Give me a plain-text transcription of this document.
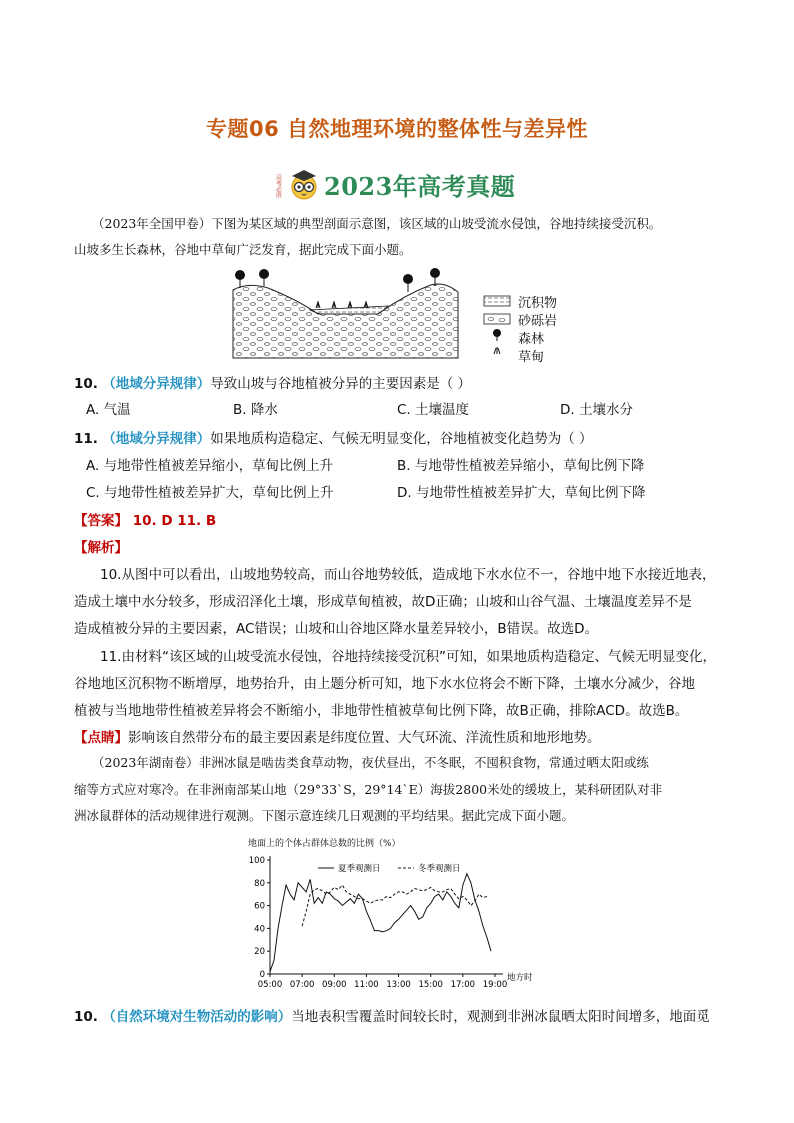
专题06 自然地理环境的整体性与差异性
高考必胜 2023年高考真题
（2023年全国甲卷）下图为某区域的典型剖面示意图，该区域的山坡受流水侵蚀，谷地持续接受沉积。
山坡多生长森林，谷地中草甸广泛发育，据此完成下面小题。
沉积物
砂砾岩
森林
草甸
10. （地域分异规律）导致山坡与谷地植被分异的主要因素是（ ）
A. 气温	B. 降水	C. 土壤温度	D. 土壤水分
11. （地域分异规律）如果地质构造稳定、气候无明显变化，谷地植被变化趋势为（ ）
A. 与地带性植被差异缩小，草甸比例上升	B. 与地带性植被差异缩小，草甸比例下降
C. 与地带性植被差异扩大，草甸比例上升	D. 与地带性植被差异扩大，草甸比例下降
【答案】 10. D 11. B
【解析】
10.从图中可以看出，山坡地势较高，而山谷地势较低，造成地下水水位不一，谷地中地下水接近地表，
造成土壤中水分较多，形成沼泽化土壤，形成草甸植被，故D正确；山坡和山谷气温、土壤温度差异不是
造成植被分异的主要因素，AC错误；山坡和山谷地区降水量差异较小，B错误。故选D。
11.由材料“该区域的山坡受流水侵蚀，谷地持续接受沉积”可知，如果地质构造稳定、气候无明显变化，
谷地地区沉积物不断增厚，地势抬升，由上题分析可知，地下水水位将会不断下降，土壤水分减少，谷地
植被与当地地带性植被差异将会不断缩小，非地带性植被草甸比例下降，故B正确，排除ACD。故选B。
【点睛】影响该自然带分布的最主要因素是纬度位置、大气环流、洋流性质和地形地势。
（2023年湖南卷）非洲冰鼠是啮齿类食草动物，夜伏昼出，不冬眠，不囤积食物，常通过晒太阳或练
缩等方式应对寒冷。在非洲南部某山地（29°33`S，29°14`E）海拔2800米处的缓坡上，某科研团队对非
洲冰鼠群体的活动规律进行观测。下图示意连续几日观测的平均结果。据此完成下面小题。
地面上的个体占群体总数的比例（%）
0
20
40
60
80
100
05:00 07:00 09:00 11:00 13:00 15:00 17:00 19:00
地方时
夏季观测日	冬季观测日
10. （自然环境对生物活动的影响）当地表积雪覆盖时间较长时，观测到非洲冰鼠晒太阳时间增多，地面觅
